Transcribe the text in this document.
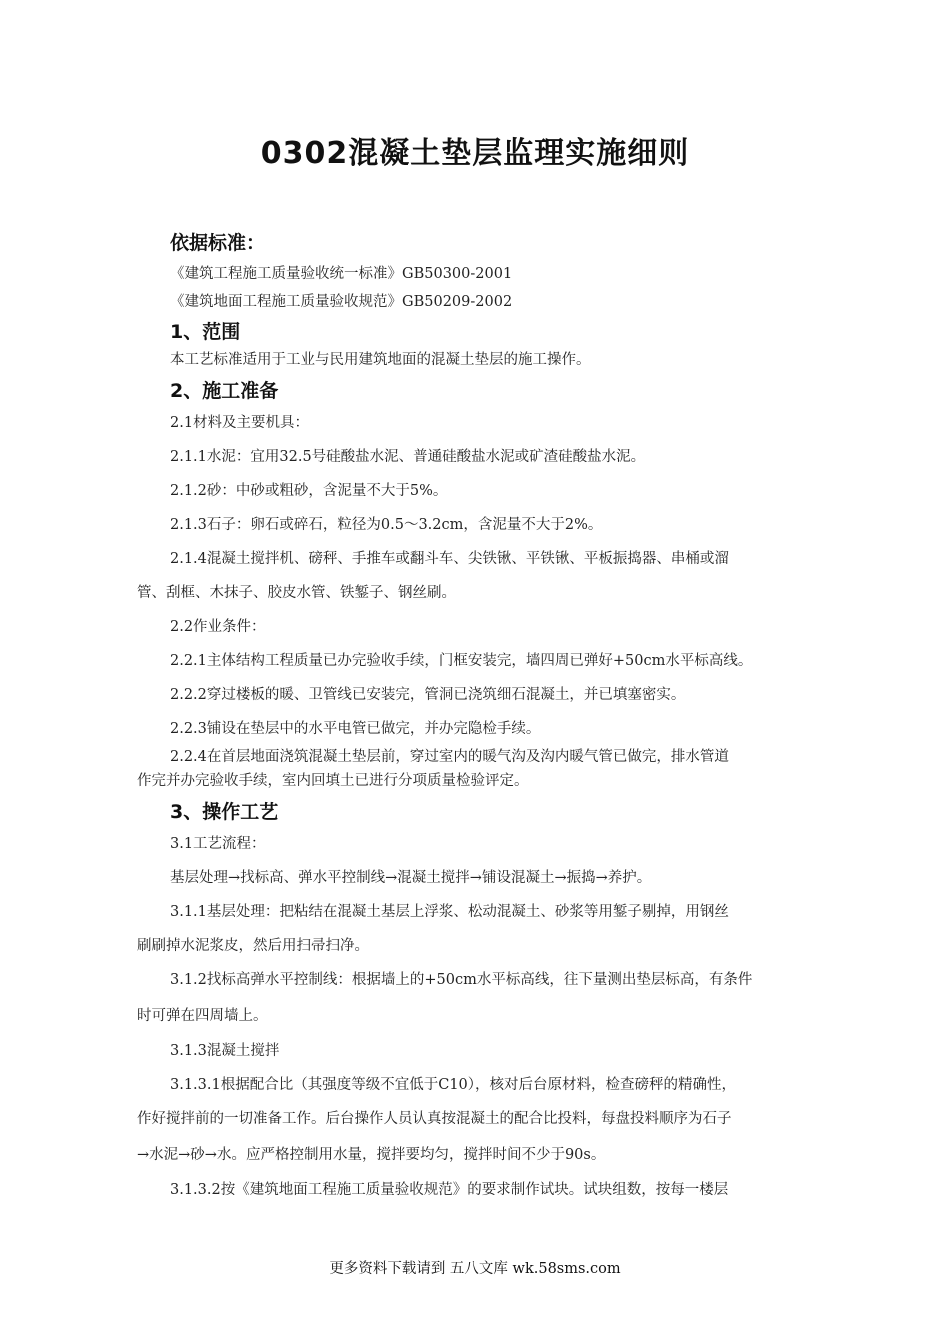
0302混凝土垫层监理实施细则
依据标准：
《建筑工程施工质量验收统一标准》GB50300-2001
《建筑地面工程施工质量验收规范》GB50209-2002
1、范围
本工艺标准适用于工业与民用建筑地面的混凝土垫层的施工操作。
2、施工准备
2.1材料及主要机具：
2.1.1水泥：宜用32.5号硅酸盐水泥、普通硅酸盐水泥或矿渣硅酸盐水泥。
2.1.2砂：中砂或粗砂，含泥量不大于5%。
2.1.3石子：卵石或碎石，粒径为0.5～3.2cm，含泥量不大于2%。
2.1.4混凝土搅拌机、磅秤、手推车或翻斗车、尖铁锹、平铁锹、平板振捣器、串桶或溜
管、刮框、木抹子、胶皮水管、铁錾子、钢丝刷。
2.2作业条件：
2.2.1主体结构工程质量已办完验收手续，门框安装完，墙四周已弹好+50cm水平标高线。
2.2.2穿过楼板的暖、卫管线已安装完，管洞已浇筑细石混凝土，并已填塞密实。
2.2.3铺设在垫层中的水平电管已做完，并办完隐检手续。
2.2.4在首层地面浇筑混凝土垫层前，穿过室内的暖气沟及沟内暖气管已做完，排水管道
作完并办完验收手续，室内回填土已进行分项质量检验评定。
3、操作工艺
3.1工艺流程：
基层处理→找标高、弹水平控制线→混凝土搅拌→铺设混凝土→振捣→养护。
3.1.1基层处理：把粘结在混凝土基层上浮浆、松动混凝土、砂浆等用錾子剔掉，用钢丝
刷刷掉水泥浆皮，然后用扫帚扫净。
3.1.2找标高弹水平控制线：根据墙上的+50cm水平标高线，往下量测出垫层标高，有条件
时可弹在四周墙上。
3.1.3混凝土搅拌
3.1.3.1根据配合比（其强度等级不宜低于C10），核对后台原材料，检查磅秤的精确性，
作好搅拌前的一切准备工作。后台操作人员认真按混凝土的配合比投料，每盘投料顺序为石子
→水泥→砂→水。应严格控制用水量，搅拌要均匀，搅拌时间不少于90s。
3.1.3.2按《建筑地面工程施工质量验收规范》的要求制作试块。试块组数，按每一楼层
更多资料下载请到 五八文库 wk.58sms.com
